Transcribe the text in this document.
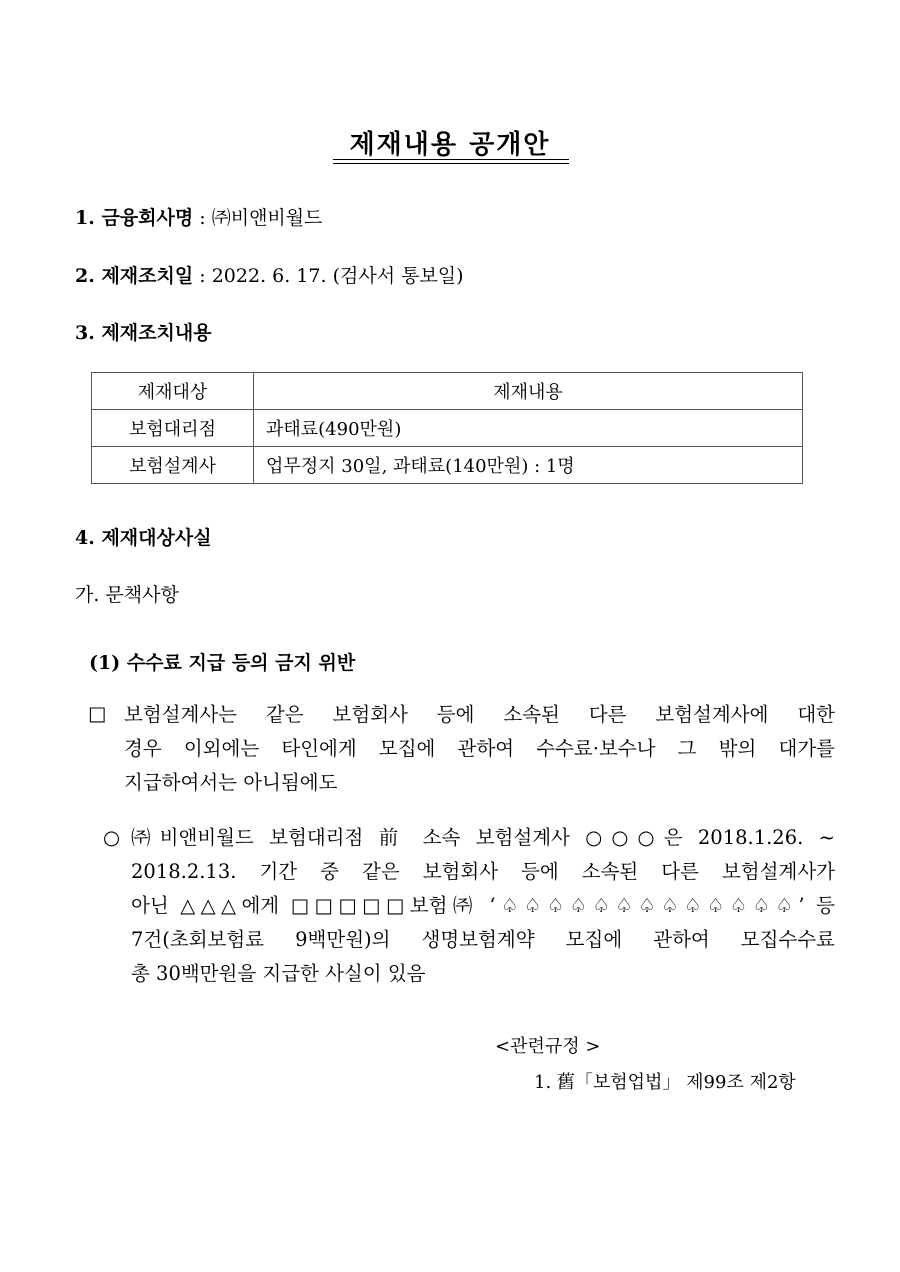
제재내용 공개안
1. 금융회사명 : ㈜비앤비월드
2. 제재조치일 : 2022. 6. 17. (검사서 통보일)
3. 제재조치내용
제재대상	제재내용
보험대리점	과태료(490만원)
보험설계사	업무정지 30일, 과태료(140만원) : 1명
4. 제재대상사실
가. 문책사항
(1) 수수료 지급 등의 금지 위반
□ 보험설계사는 같은 보험회사 등에 소속된 다른 보험설계사에 대한
경우 이외에는 타인에게 모집에 관하여 수수료·보수나 그 밖의 대가를
지급하여서는 아니됨에도
○ ㈜비앤비월드 보험대리점 前 소속 보험설계사 ○○○은 2018.1.26. ~
2018.2.13. 기간 중 같은 보험회사 등에 소속된 다른 보험설계사가
아닌 △△△에게 □□□□□보험㈜ ‘♤♤♤♤♤♤♤♤♤♤♤♤♤’ 등
7건(초회보험료 9백만원)의 생명보험계약 모집에 관하여 모집수수료
총 30백만원을 지급한 사실이 있음
<관련규정 >
1. 舊「보험업법」 제99조 제2항
